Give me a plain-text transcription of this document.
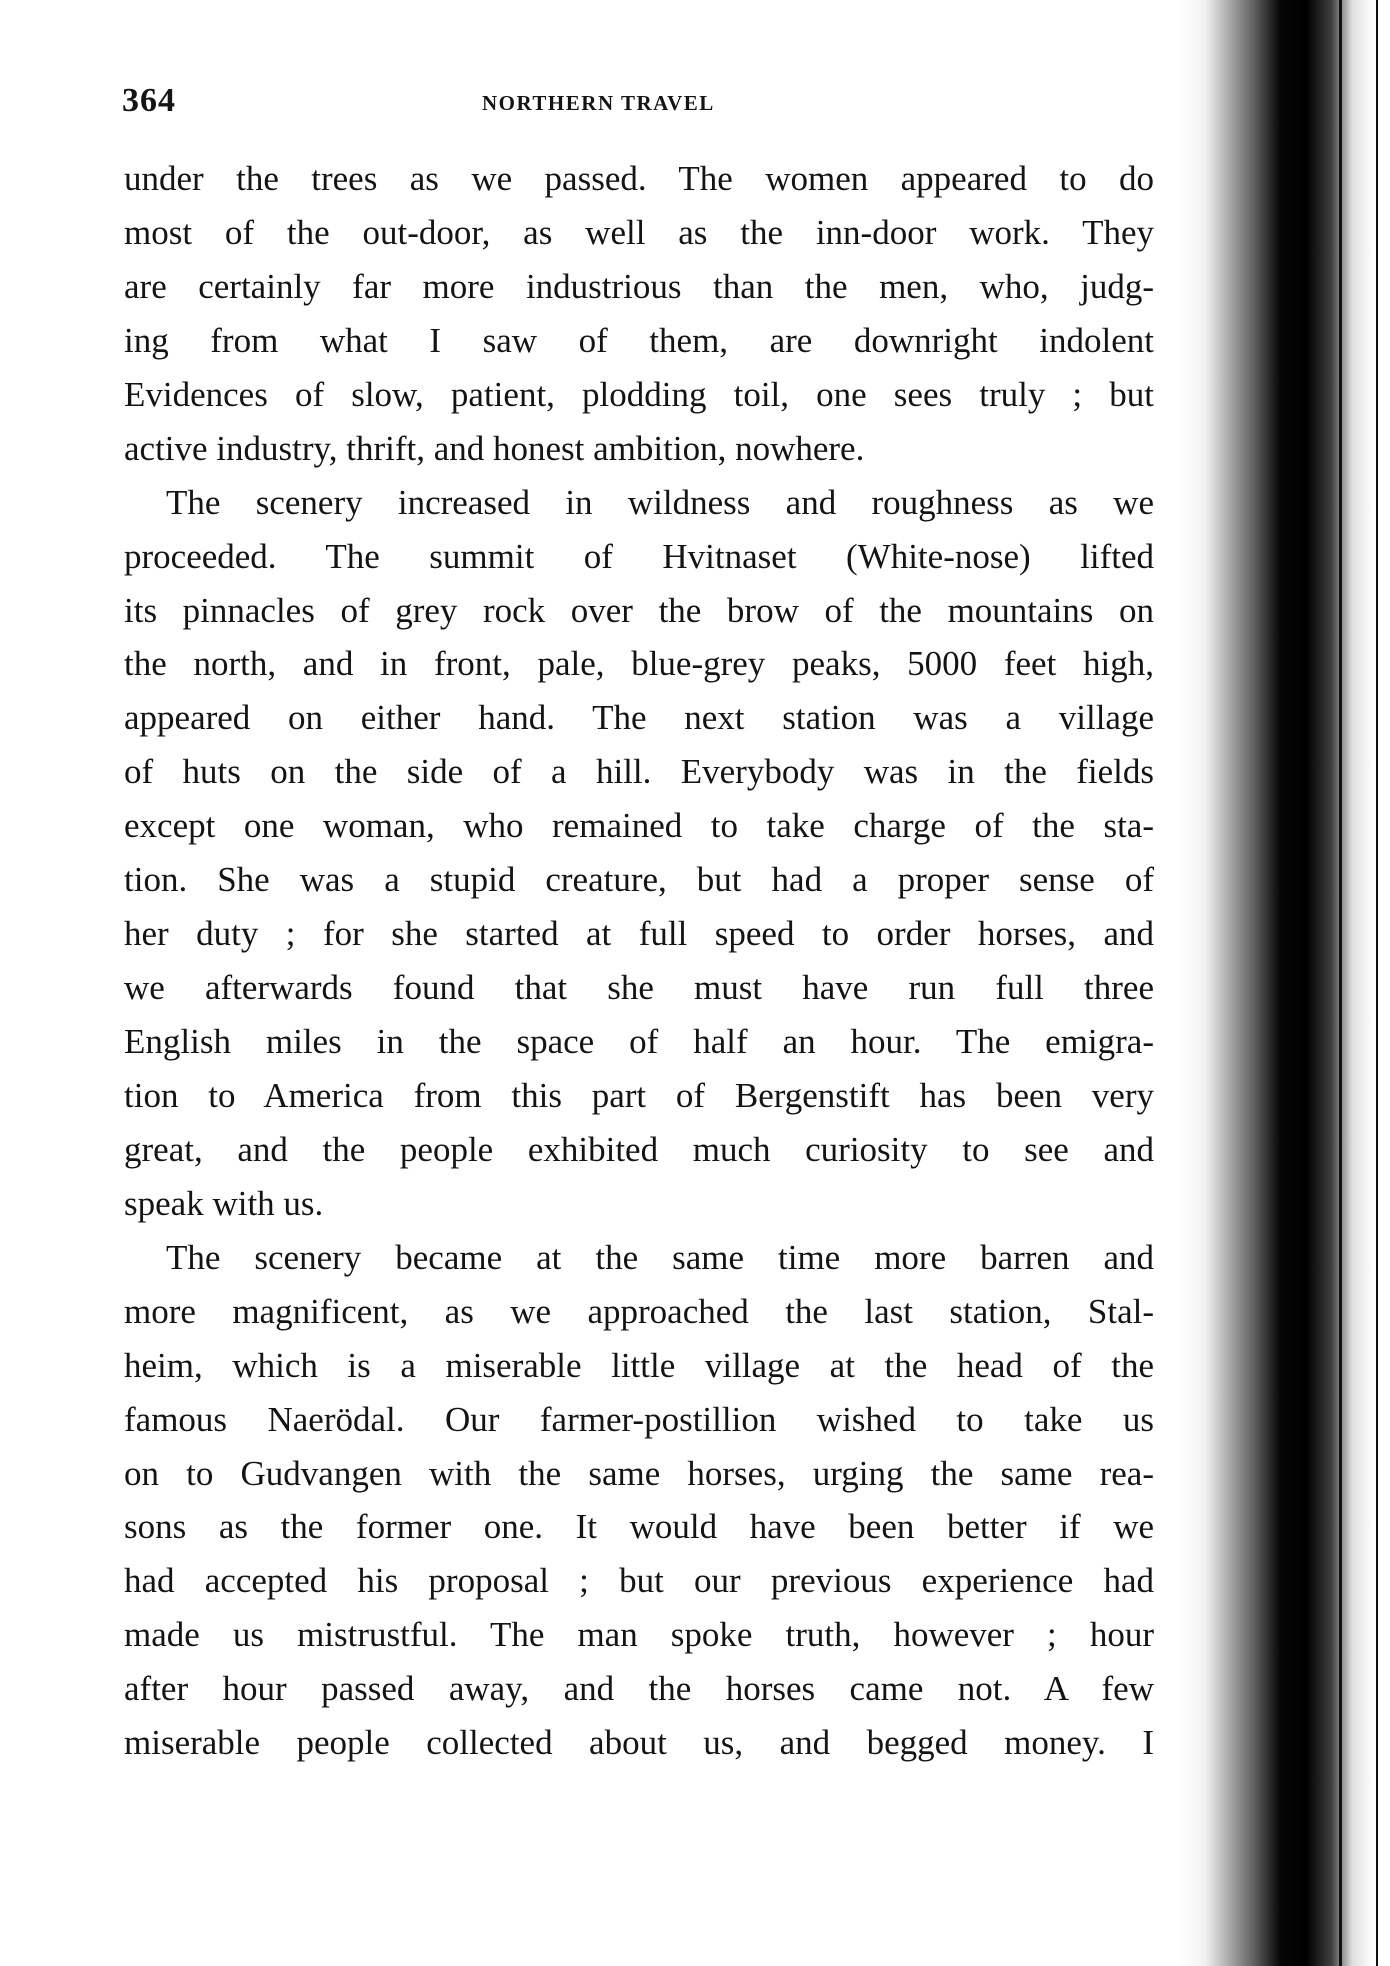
364	NORTHERN TRAVEL
under the trees as we passed. The women appeared to do
most of the out-door, as well as the inn-door work. They
are certainly far more industrious than the men, who, judg-
ing from what I saw of them, are downright indolent
Evidences of slow, patient, plodding toil, one sees truly ; but
active industry, thrift, and honest ambition, nowhere.
The scenery increased in wildness and roughness as we
proceeded. The summit of Hvitnaset (White-nose) lifted
its pinnacles of grey rock over the brow of the mountains on
the north, and in front, pale, blue-grey peaks, 5000 feet high,
appeared on either hand. The next station was a village
of huts on the side of a hill. Everybody was in the fields
except one woman, who remained to take charge of the sta-
tion. She was a stupid creature, but had a proper sense of
her duty ; for she started at full speed to order horses, and
we afterwards found that she must have run full three
English miles in the space of half an hour. The emigra-
tion to America from this part of Bergenstift has been very
great, and the people exhibited much curiosity to see and
speak with us.
The scenery became at the same time more barren and
more magnificent, as we approached the last station, Stal-
heim, which is a miserable little village at the head of the
famous Naerödal. Our farmer-postillion wished to take us
on to Gudvangen with the same horses, urging the same rea-
sons as the former one. It would have been better if we
had accepted his proposal ; but our previous experience had
made us mistrustful. The man spoke truth, however ; hour
after hour passed away, and the horses came not. A few
miserable people collected about us, and begged money. I
